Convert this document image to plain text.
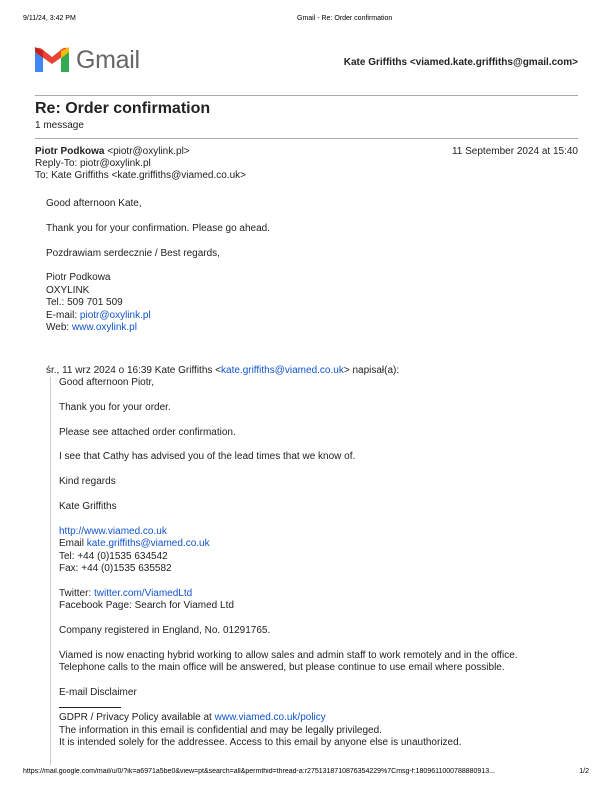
9/11/24, 3:42 PM	Gmail - Re: Order confirmation
Gmail	Kate Griffiths <viamed.kate.griffiths@gmail.com>
Re: Order confirmation
1 message
Piotr Podkowa <piotr@oxylink.pl>
Reply-To: piotr@oxylink.pl
To: Kate Griffiths <kate.griffiths@viamed.co.uk>
11 September 2024 at 15:40

Good afternoon Kate,

Thank you for your confirmation. Please go ahead.

Pozdrawiam serdecznie / Best regards,

Piotr Podkowa
OXYLINK
Tel.: 509 701 509
E-mail: piotr@oxylink.pl
Web: www.oxylink.pl
śr., 11 wrz 2024 o 16:39 Kate Griffiths <kate.griffiths@viamed.co.uk> napisał(a):

Good afternoon Piotr,

Thank you for your order.

Please see attached order confirmation.

I see that Cathy has advised you of the lead times that we know of.

Kind regards

Kate Griffiths

http://www.viamed.co.uk
Email kate.griffiths@viamed.co.uk
Tel: +44 (0)1535 634542

Fax: +44 (0)1535 635582

Twitter: twitter.com/ViamedLtd

Facebook Page: Search for Viamed Ltd

Company registered in England, No. 01291765.

Viamed is now enacting hybrid working to allow sales and admin staff to work remotely and in the office.

Telephone calls to the main office will be answered, but please continue to use email where possible.

E-mail Disclaimer
GDPR / Privacy Policy available at www.viamed.co.uk/policy
The information in this email is confidential and may be legally privileged.
It is intended solely for the addressee. Access to this email by anyone else is unauthorized.
https://mail.google.com/mail/u/0/?ik=a6971a5be0&view=pt&search=all&permthid=thread-a:r2751318710876354229%7Cmsg-f:1809611000788880913...	1/2
